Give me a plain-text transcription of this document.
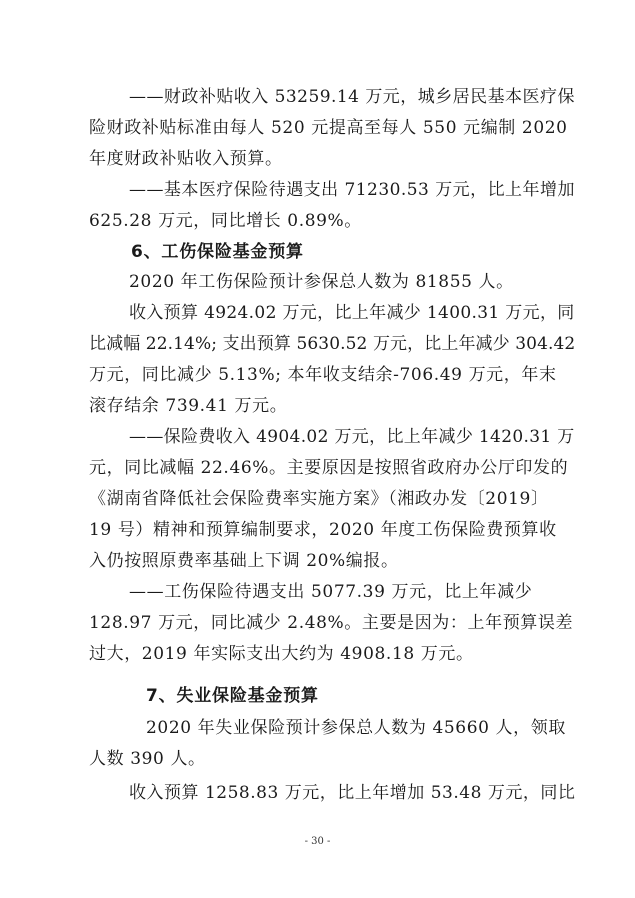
——财政补贴收入 53259.14 万元，城乡居民基本医疗保
险财政补贴标准由每人 520 元提高至每人 550 元编制 2020
年度财政补贴收入预算。
——基本医疗保险待遇支出 71230.53 万元，比上年增加
625.28 万元，同比增长 0.89%。
6、工伤保险基金预算
2020 年工伤保险预计参保总人数为 81855 人。
收入预算 4924.02 万元，比上年减少 1400.31 万元，同
比减幅 22.14%; 支出预算 5630.52 万元，比上年减少 304.42
万元，同比减少 5.13%; 本年收支结余-706.49 万元，年末
滚存结余 739.41 万元。
——保险费收入 4904.02 万元，比上年减少 1420.31 万
元，同比减幅 22.46%。主要原因是按照省政府办公厅印发的
《湖南省降低社会保险费率实施方案》（湘政办发〔2019〕
19 号）精神和预算编制要求，2020 年度工伤保险费预算收
入仍按照原费率基础上下调 20%编报。
——工伤保险待遇支出 5077.39 万元，比上年减少
128.97 万元，同比减少 2.48%。主要是因为：上年预算误差
过大，2019 年实际支出大约为 4908.18 万元。
7、失业保险基金预算
2020 年失业保险预计参保总人数为 45660 人，领取
人数 390 人。
收入预算 1258.83 万元，比上年增加 53.48 万元，同比
- 30 -
